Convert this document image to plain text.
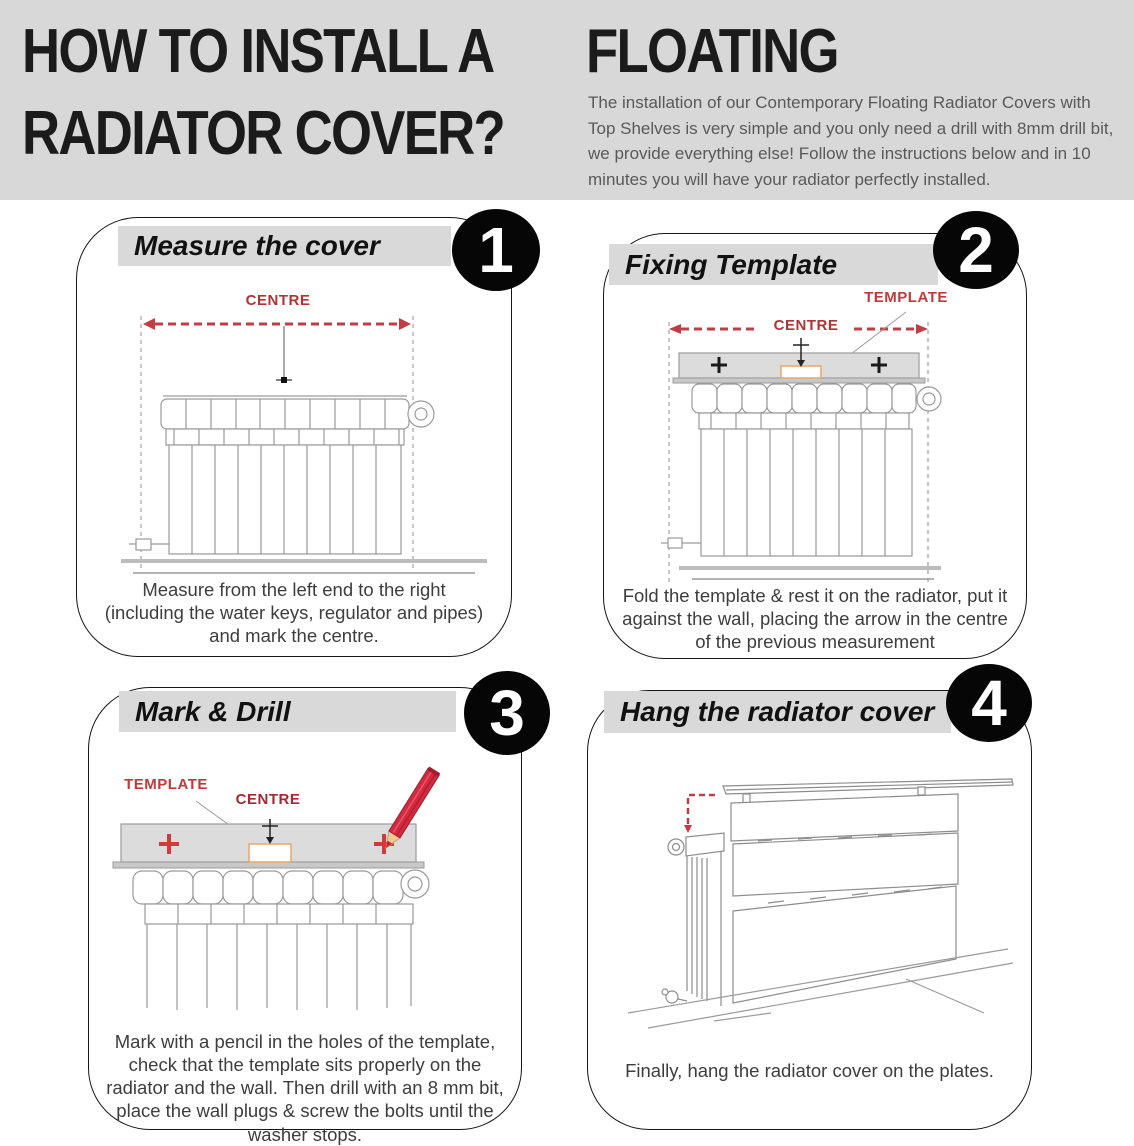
HOW TO INSTALL A FLOATING
RADIATOR COVER?	The installation of our Contemporary Floating Radiator Covers with Top Shelves is very simple and you only need a drill with 8mm drill bit, we provide everything else! Follow the instructions below and in 10 minutes you will have your radiator perfectly installed.

Measure the cover 1
CENTRE

Measure from the left end to the right (including the water keys, regulator and pipes) and mark the centre.

Fixing Template 2
TEMPLATE
CENTRE

Fold the template & rest it on the radiator, put it against the wall, placing the arrow in the centre of the previous measurement

Mark & Drill	3
TEMPLATE
CENTRE

Mark with a pencil in the holes of the template, check that the template sits properly on the radiator and the wall. Then drill with an 8 mm bit, place the wall plugs & screw the bolts until the washer stops.

Hang the radiator cover 4

Finally, hang the radiator cover on the plates.
